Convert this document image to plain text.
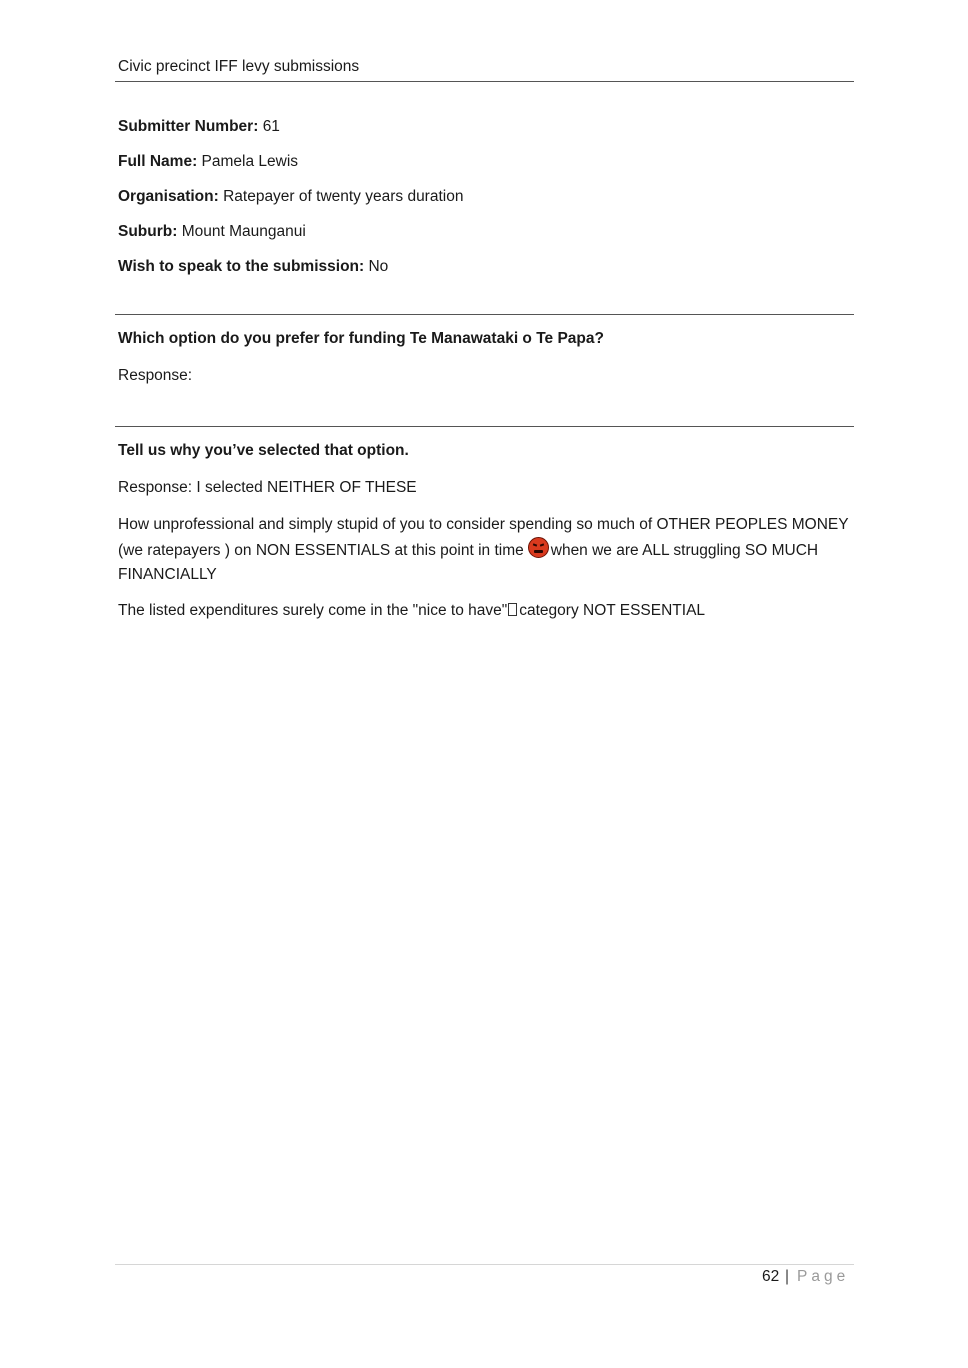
Civic precinct IFF levy submissions
Submitter Number: 61
Full Name: Pamela Lewis
Organisation: Ratepayer of twenty years duration
Suburb: Mount Maunganui
Wish to speak to the submission: No
Which option do you prefer for funding Te Manawataki o Te Papa?
Response:
Tell us why you’ve selected that option.
Response: I selected NEITHER OF THESE
How unprofessional and simply stupid of you to consider spending so much of OTHER PEOPLES MONEY (we ratepayers ) on NON ESSENTIALS at this point in time when we are ALL struggling SO MUCH FINANCIALLY
The listed expenditures surely come in the "nice to have" category NOT ESSENTIAL
62 | Page
